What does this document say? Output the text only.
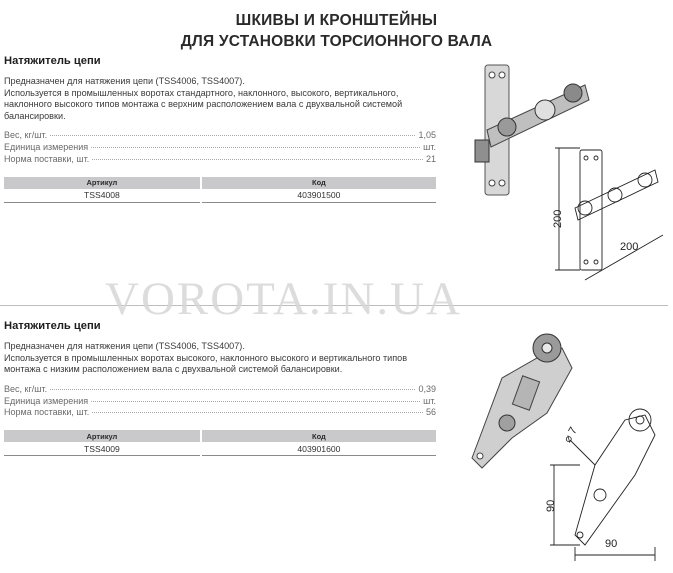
ШКИВЫ И КРОНШТЕЙНЫ
ДЛЯ УСТАНОВКИ ТОРСИОННОГО ВАЛА
Натяжитель цепи
Предназначен для натяжения цепи (TSS4006, TSS4007).
Используется в промышленных воротах стандартного, наклонного, высокого, вертикального,
наклонного высокого типов монтажа с верхним расположением вала с двухвальной системой
балансировки.
Вес, кг/шт.	1,05
Единица измерения	шт.
Норма поставки, шт.	21
Артикул	Код
TSS4008	403901500
200
200
VOROTA.IN.UA
Натяжитель цепи
Предназначен для натяжения цепи (TSS4006, TSS4007).
Используется в промышленных воротах высокого, наклонного высокого и вертикального типов
монтажа с низким расположением вала с двухвальной системой балансировки.
Вес, кг/шт.	0,39
Единица измерения	шт.
Норма поставки, шт.	56
Артикул	Код
TSS4009	403901600
⌀ 7
90
90
